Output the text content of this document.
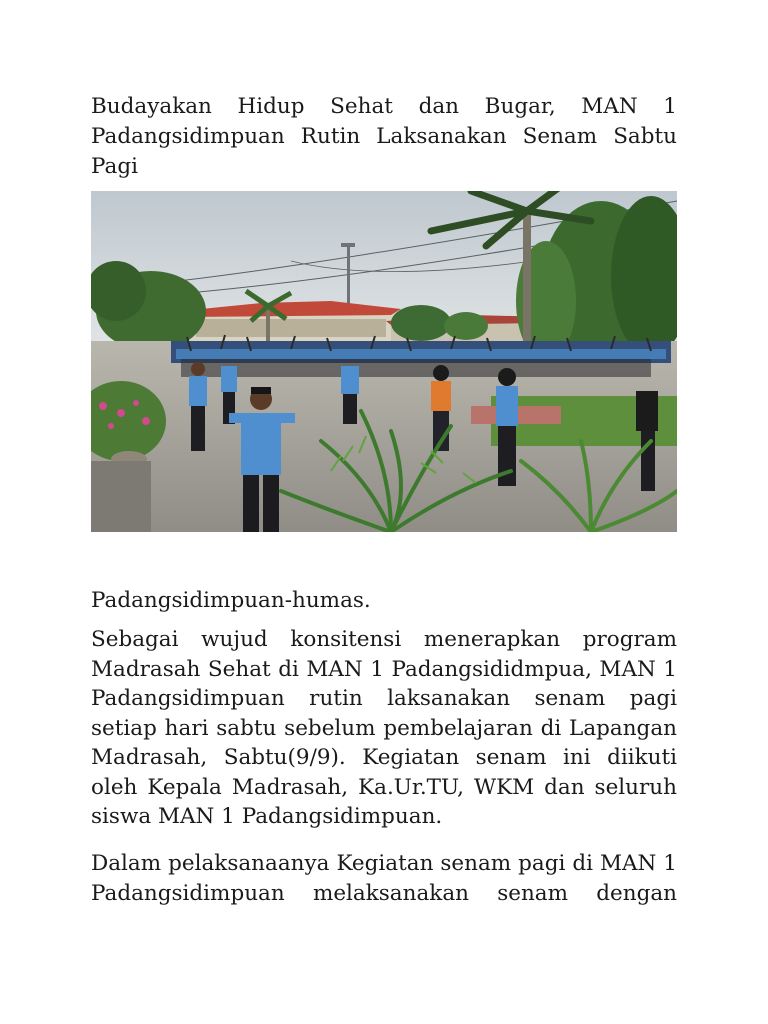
Budayakan Hidup Sehat dan Bugar, MAN 1 Padangsidimpuan Rutin Laksanakan Senam Sabtu Pagi
Padangsidimpuan-humas.
Sebagai wujud konsitensi menerapkan program Madrasah Sehat di MAN 1 Padangsididmpua, MAN 1 Padangsidimpuan rutin laksanakan senam pagi setiap hari sabtu sebelum pembelajaran di Lapangan Madrasah, Sabtu(9/9). Kegiatan senam ini diikuti oleh Kepala Madrasah, Ka.Ur.TU, WKM dan seluruh siswa MAN 1 Padangsidimpuan.
Dalam pelaksanaanya Kegiatan senam pagi di MAN 1 Padangsidimpuan melaksanakan senam dengan
